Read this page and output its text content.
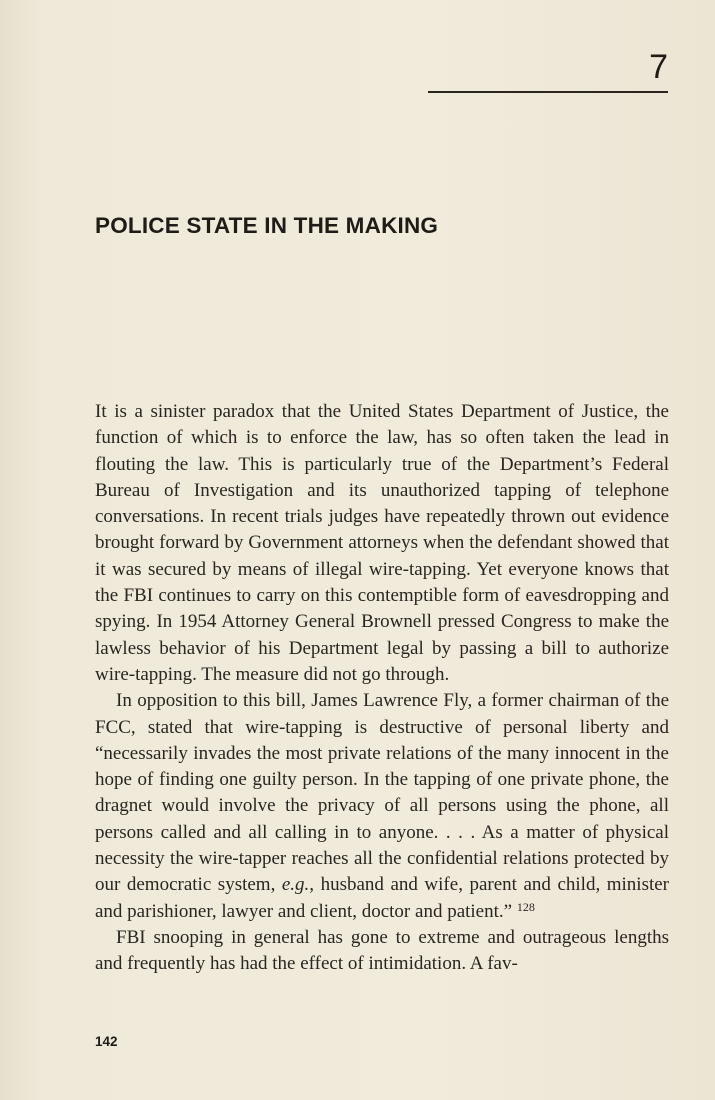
7
POLICE STATE IN THE MAKING

It is a sinister paradox that the United States Department of Justice, the function of which is to enforce the law, has so often taken the lead in flouting the law. This is particularly true of the Department’s Federal Bureau of Investigation and its unauthorized tapping of telephone conversations. In recent trials judges have repeatedly thrown out evidence brought forward by Government attorneys when the defendant showed that it was secured by means of illegal wire-tapping. Yet everyone knows that the FBI continues to carry on this contemptible form of eavesdropping and spying. In 1954 Attorney General Brownell pressed Congress to make the lawless behavior of his Department legal by passing a bill to authorize wire-tapping. The measure did not go through.

In opposition to this bill, James Lawrence Fly, a former chairman of the FCC, stated that wire-tapping is destructive of personal liberty and “necessarily invades the most private relations of the many innocent in the hope of finding one guilty person. In the tapping of one private phone, the dragnet would involve the privacy of all persons using the phone, all persons called and all calling in to anyone. . . . As a matter of physical necessity the wire-tapper reaches all the confidential relations protected by our democratic system, e.g., husband and wife, parent and child, minister and parishioner, lawyer and client, doctor and patient.” $^{128}$

FBI snooping in general has gone to extreme and outrageous lengths and frequently has had the effect of intimidation. A fav-

142
